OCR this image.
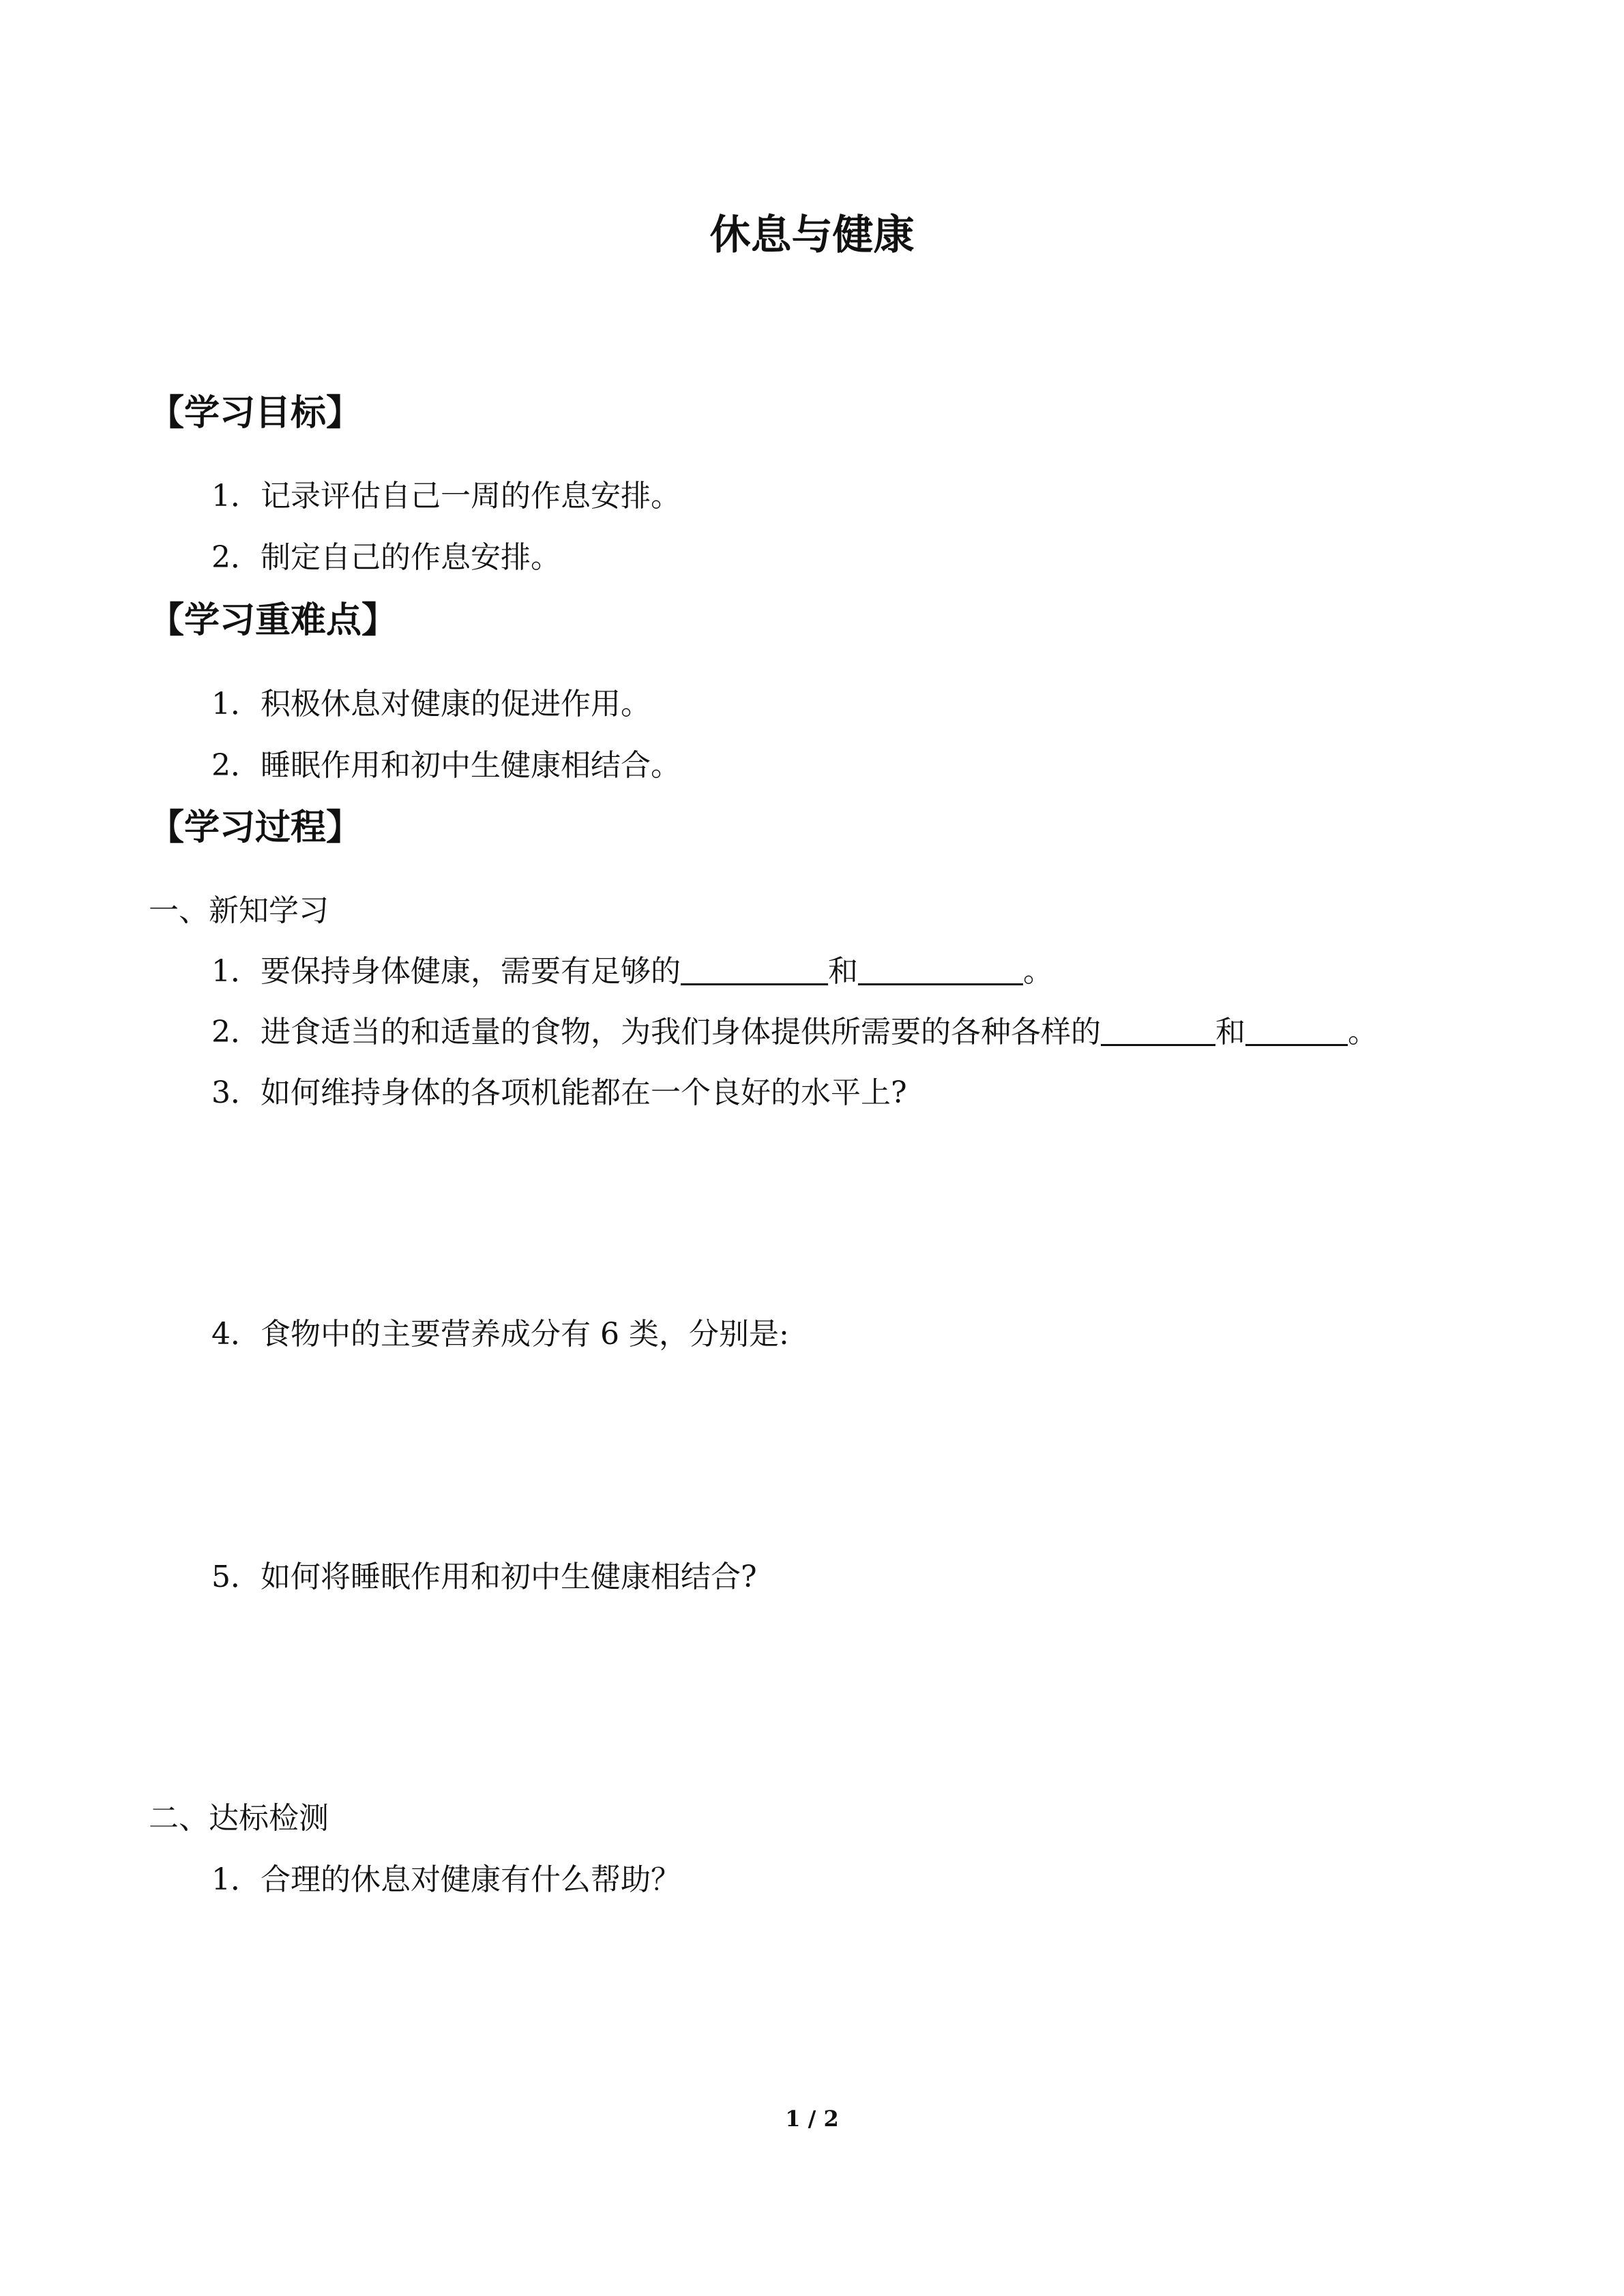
休息与健康
【学习目标】

1．记录评估自己一周的作息安排。

2．制定自己的作息安排。

【学习重难点】

1．积极休息对健康的促进作用。

2．睡眠作用和初中生健康相结合。

【学习过程】

一、新知学习

1．要保持身体健康，需要有足够的	和	。

2．进食适当的和适量的食物，为我们身体提供所需要的各种各样的	和	。

3．如何维持身体的各项机能都在一个良好的水平上?

4．食物中的主要营养成分有 6 类，分别是:

5．如何将睡眠作用和初中生健康相结合?

二、达标检测

1．合理的休息对健康有什么帮助？

1 / 2
